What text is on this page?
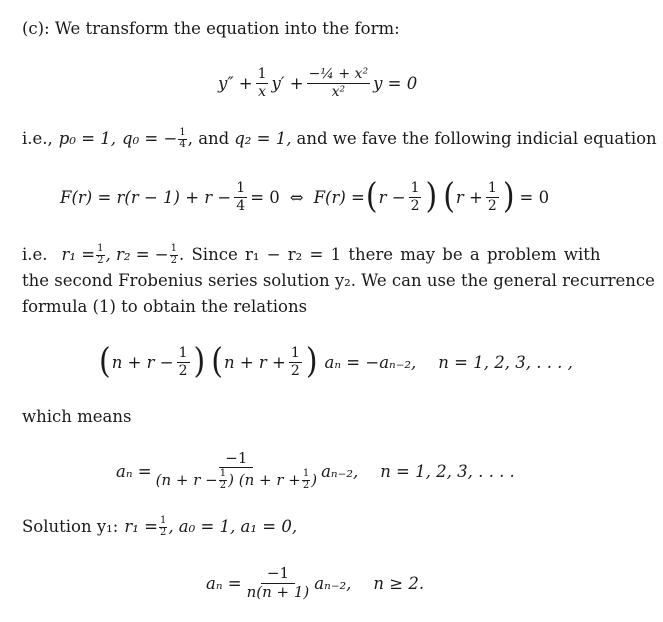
(c): We transform the equation into the form:
$y'' + \frac{1}{x} y' + \frac{\text{−¼ + x²}}{\text{x²}}$ y = 0
i.e., p₀ = 1, q₀ = − $\frac{1}{4}$ , and q₂ = 1, and we fave the following indicial equation
$F(r) = r(r - 1) + r - \frac{1}{4} = 0$ ⇔ F(r) = ( $r - \frac{1}{2}$ ) ( $r + \frac{1}{2}$ ) = 0
i.e. $r_1 = \frac{1}{2}$ , r₂ = − $\frac{1}{2}$ . Since r₁ − r₂ = 1 there may be a problem with
the second Frobenius series solution y₂. We can use the general recurrence
formula (1) to obtain the relations
( $n + r - \frac{1}{2}$ ) ( $n + r + \frac{1}{2}$ ) aₙ = −aₙ₋₂, n = 1, 2, 3, . . . ,
which means
aₙ =
−1
($n + r - \frac{1}{2}$ ) ($n + r + \frac{1}{2}$ ) aₙ₋₂, n = 1, 2, 3, . . . .
Solution y₁: $r_1 = \frac{1}{2}$ , a₀ = 1, a₁ = 0,
$a_n = \frac{-1}{n(n + 1)} a_{n-2}$, n ≥ 2.
